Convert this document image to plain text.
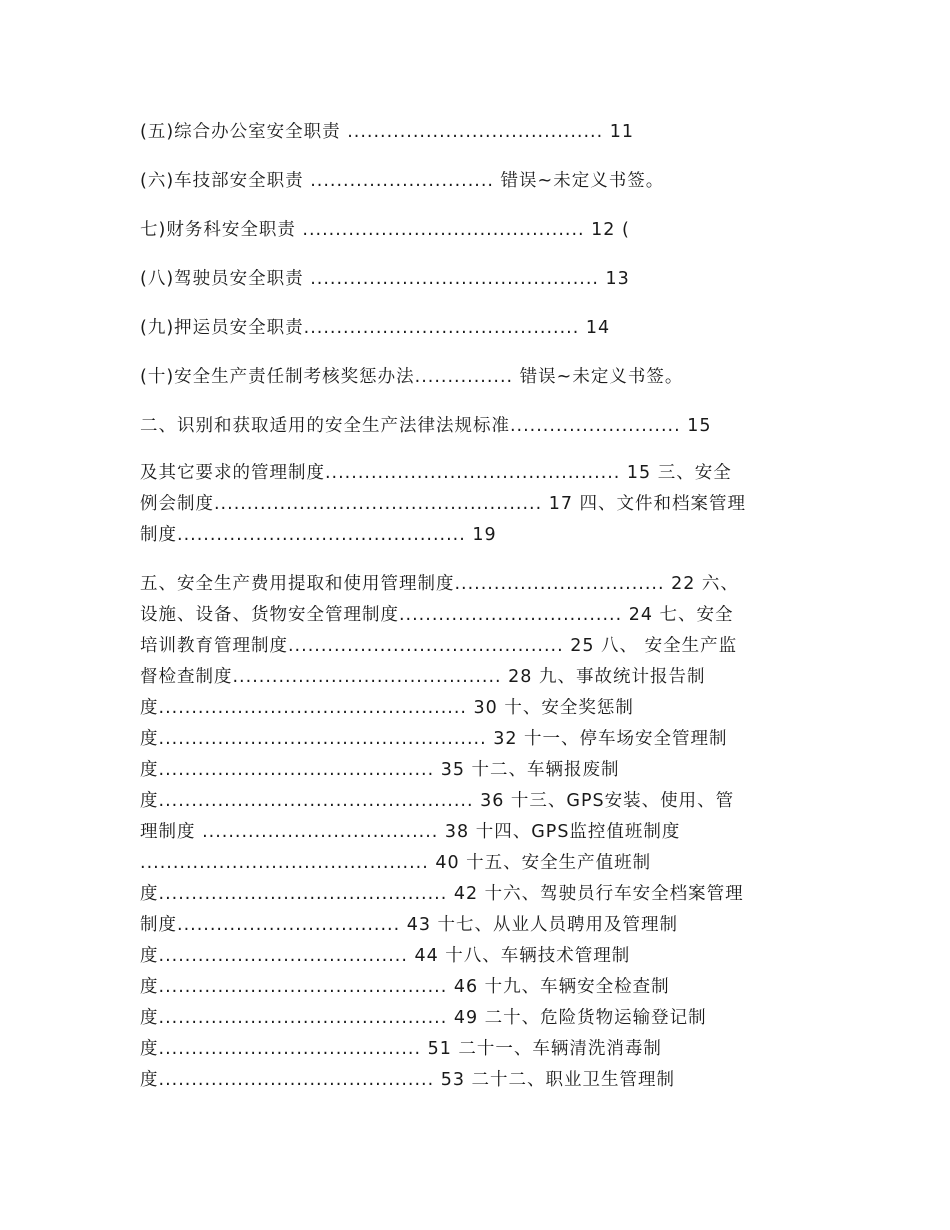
(五)综合办公室安全职责 ....................................... 11
(六)车技部安全职责 ............................ 错误~未定义书签。
七)财务科安全职责 ........................................... 12 (
(八)驾驶员安全职责 ............................................ 13
(九)押运员安全职责.......................................... 14
(十)安全生产责任制考核奖惩办法............... 错误~未定义书签。
二、识别和获取适用的安全生产法律法规标准.......................... 15
及其它要求的管理制度............................................. 15 三、安全
例会制度.................................................. 17 四、文件和档案管理
制度............................................ 19
五、安全生产费用提取和使用管理制度................................ 22 六、
设施、设备、货物安全管理制度.................................. 24 七、安全
培训教育管理制度.......................................... 25 八、 安全生产监
督检查制度......................................... 28 九、事故统计报告制
度............................................... 30 十、安全奖惩制
度.................................................. 32 十一、停车场安全管理制
度.......................................... 35 十二、车辆报废制
度................................................ 36 十三、GPS安装、使用、管
理制度 .................................... 38 十四、GPS监控值班制度
............................................ 40 十五、安全生产值班制
度............................................ 42 十六、驾驶员行车安全档案管理
制度.................................. 43 十七、从业人员聘用及管理制
度...................................... 44 十八、车辆技术管理制
度............................................ 46 十九、车辆安全检查制
度............................................ 49 二十、危险货物运输登记制
度........................................ 51 二十一、车辆清洗消毒制
度.......................................... 53 二十二、职业卫生管理制
